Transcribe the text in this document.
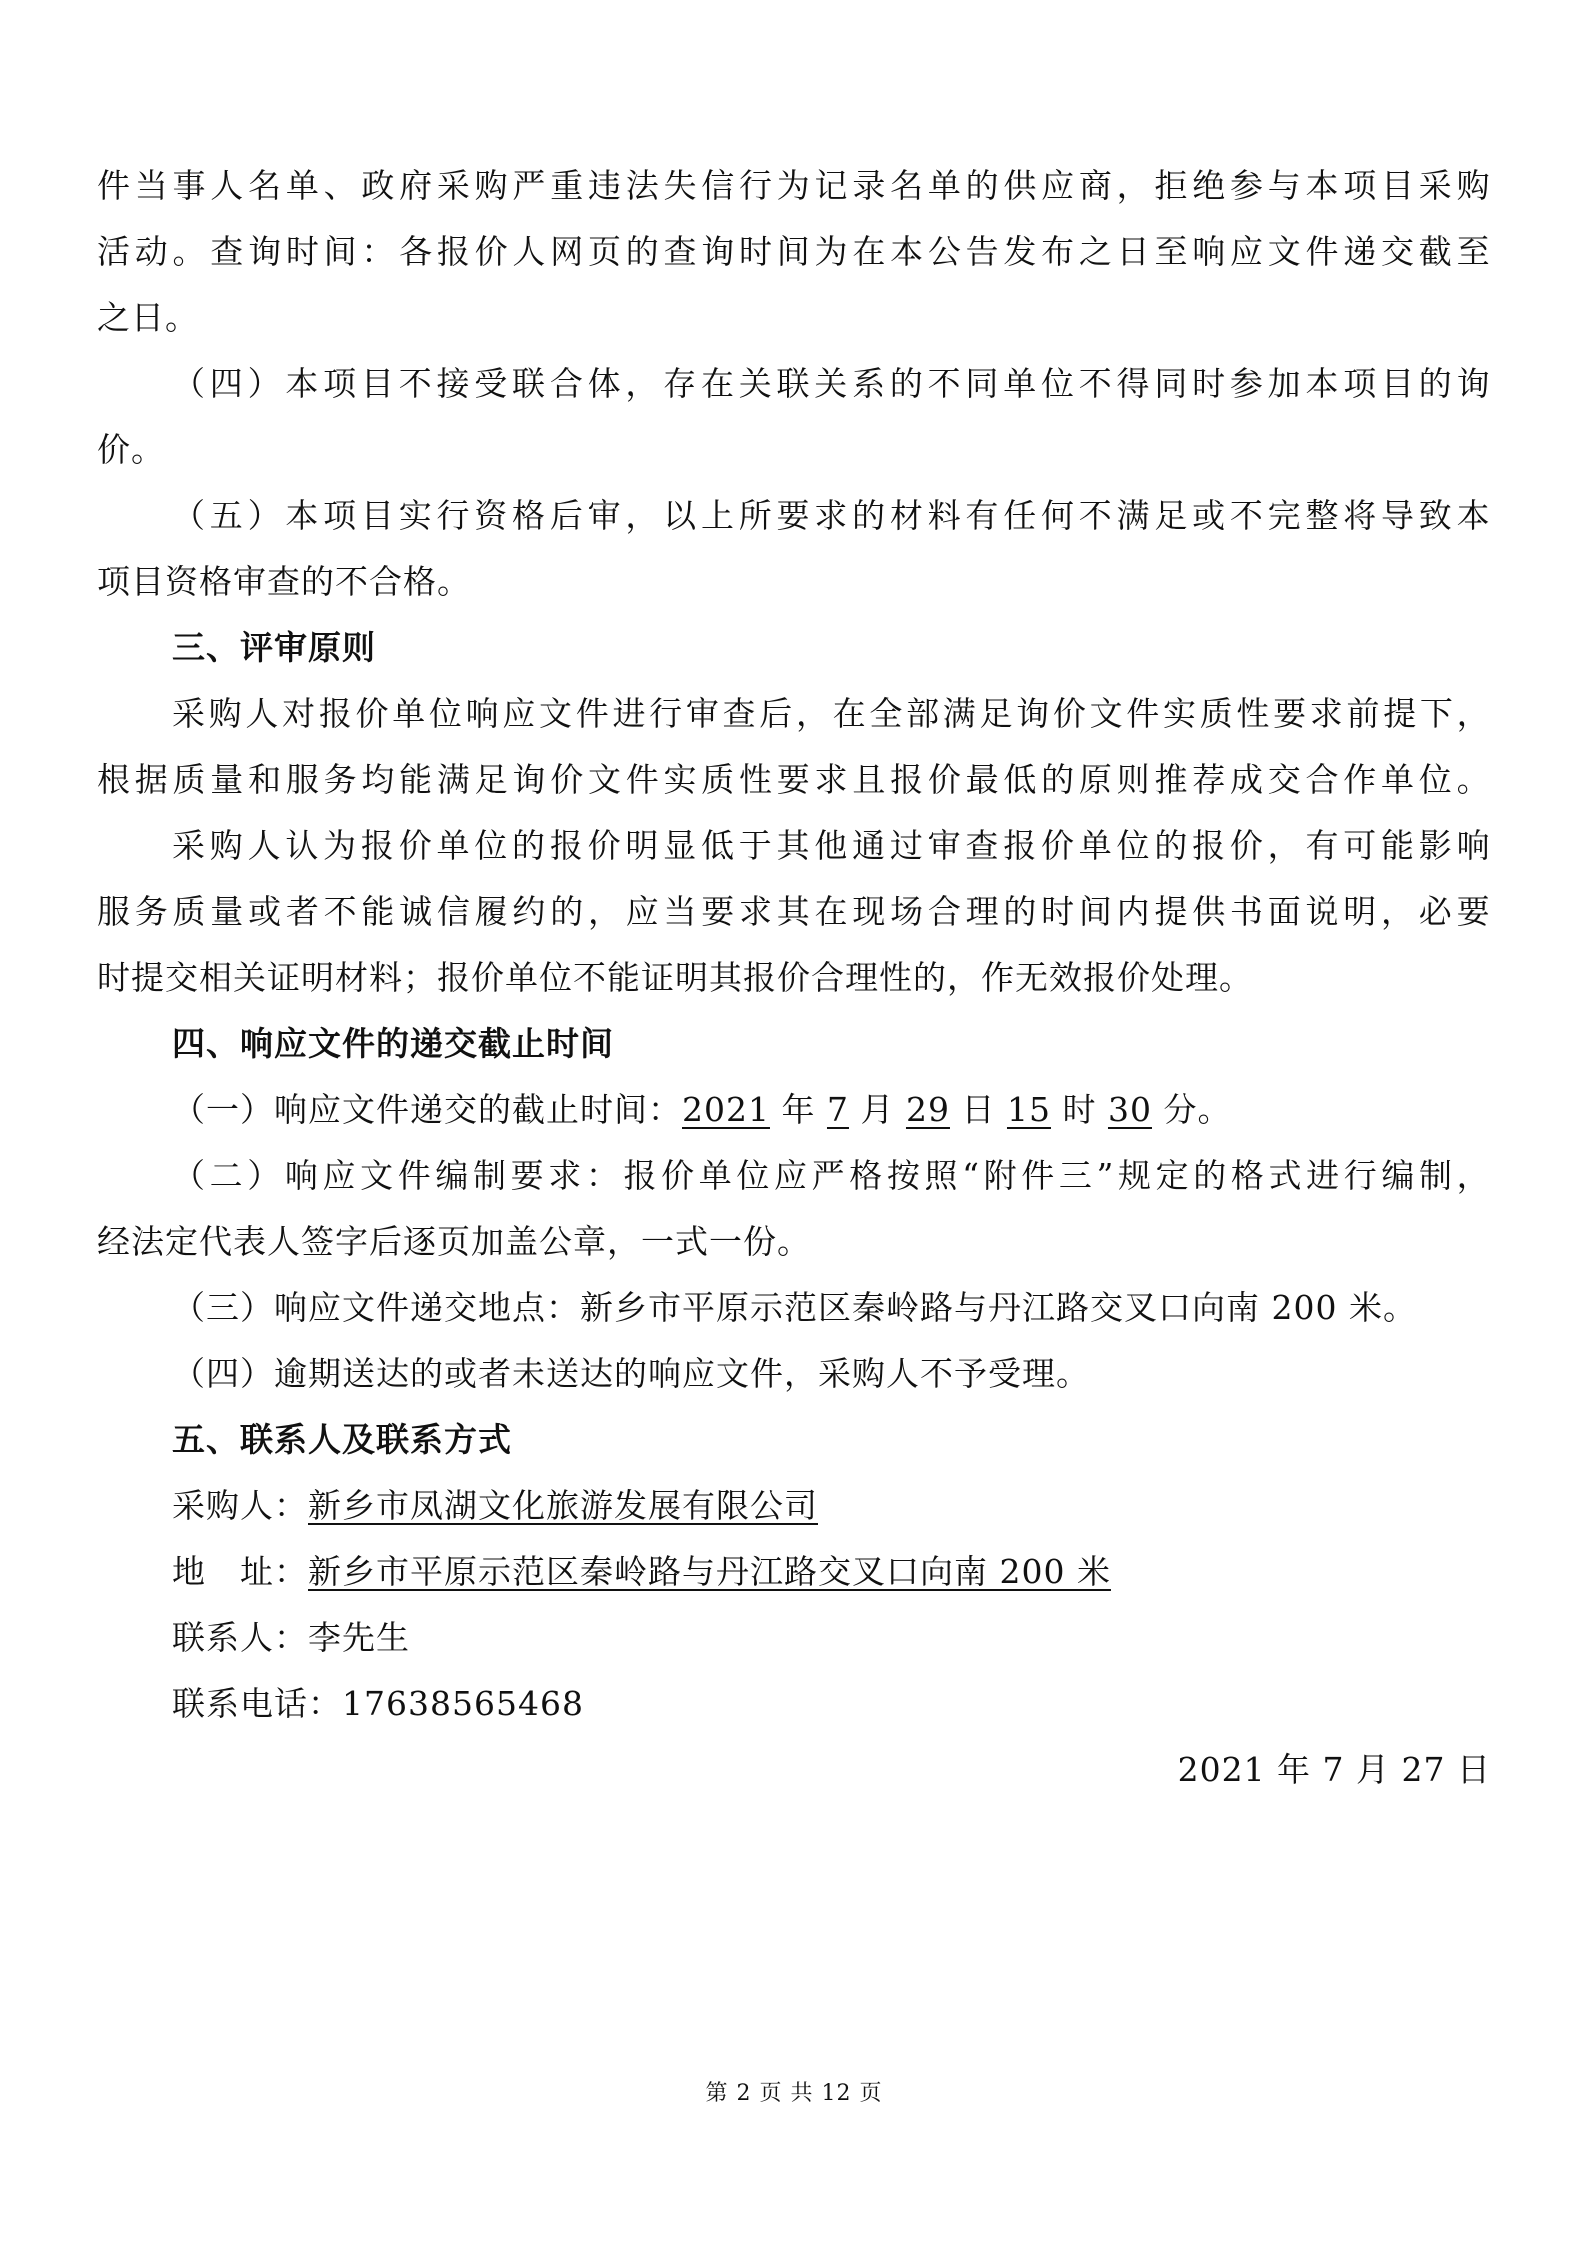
件 当 事 人 名 单 、 政 府 采 购 严 重 违 法 失 信 行 为 记 录 名 单 的 供 应 商 ， 拒 绝 参 与 本 项 目 采 购
活 动 。 查 询 时 间 ： 各 报 价 人 网 页 的 查 询 时 间 为 在 本 公 告 发 布 之 日 至 响 应 文 件 递 交 截 至
之日。
（ 四 ） 本 项 目 不 接 受 联 合 体 ， 存 在 关 联 关 系 的 不 同 单 位 不 得 同 时 参 加 本 项 目 的 询
价。
（ 五 ） 本 项 目 实 行 资 格 后 审 ， 以 上 所 要 求 的 材 料 有 任 何 不 满 足 或 不 完 整 将 导 致 本
项目资格审查的不合格。
三、评审原则
采 购 人 对 报 价 单 位 响 应 文 件 进 行 审 查 后 ， 在 全 部 满 足 询 价 文 件 实 质 性 要 求 前 提 下 ，
根 据 质 量 和 服 务 均 能 满 足 询 价 文 件 实 质 性 要 求 且 报 价 最 低 的 原 则 推 荐 成 交 合 作 单 位 。
采 购 人 认 为 报 价 单 位 的 报 价 明 显 低 于 其 他 通 过 审 查 报 价 单 位 的 报 价 ， 有 可 能 影 响
服 务 质 量 或 者 不 能 诚 信 履 约 的 ， 应 当 要 求 其 在 现 场 合 理 的 时 间 内 提 供 书 面 说 明 ， 必 要
时提交相关证明材料；报价单位不能证明其报价合理性的，作无效报价处理。
四、响应文件的递交截止时间
（一）响应文件递交的截止时间：2021 年 7 月 29 日 15 时 30 分。
（ 二 ） 响 应 文 件 编 制 要 求 ： 报 价 单 位 应 严 格 按 照 “ 附 件 三 ” 规 定 的 格 式 进 行 编 制 ，
经法定代表人签字后逐页加盖公章，一式一份。
（三）响应文件递交地点：新乡市平原示范区秦岭路与丹江路交叉口向南 200 米。
（四）逾期送达的或者未送达的响应文件，采购人不予受理。
五、联系人及联系方式
采购人：新乡市凤湖文化旅游发展有限公司
地　址：新乡市平原示范区秦岭路与丹江路交叉口向南 200 米
联系人：李先生
联系电话：17638565468
2021 年 7 月 27 日
第 2 页 共 12 页
